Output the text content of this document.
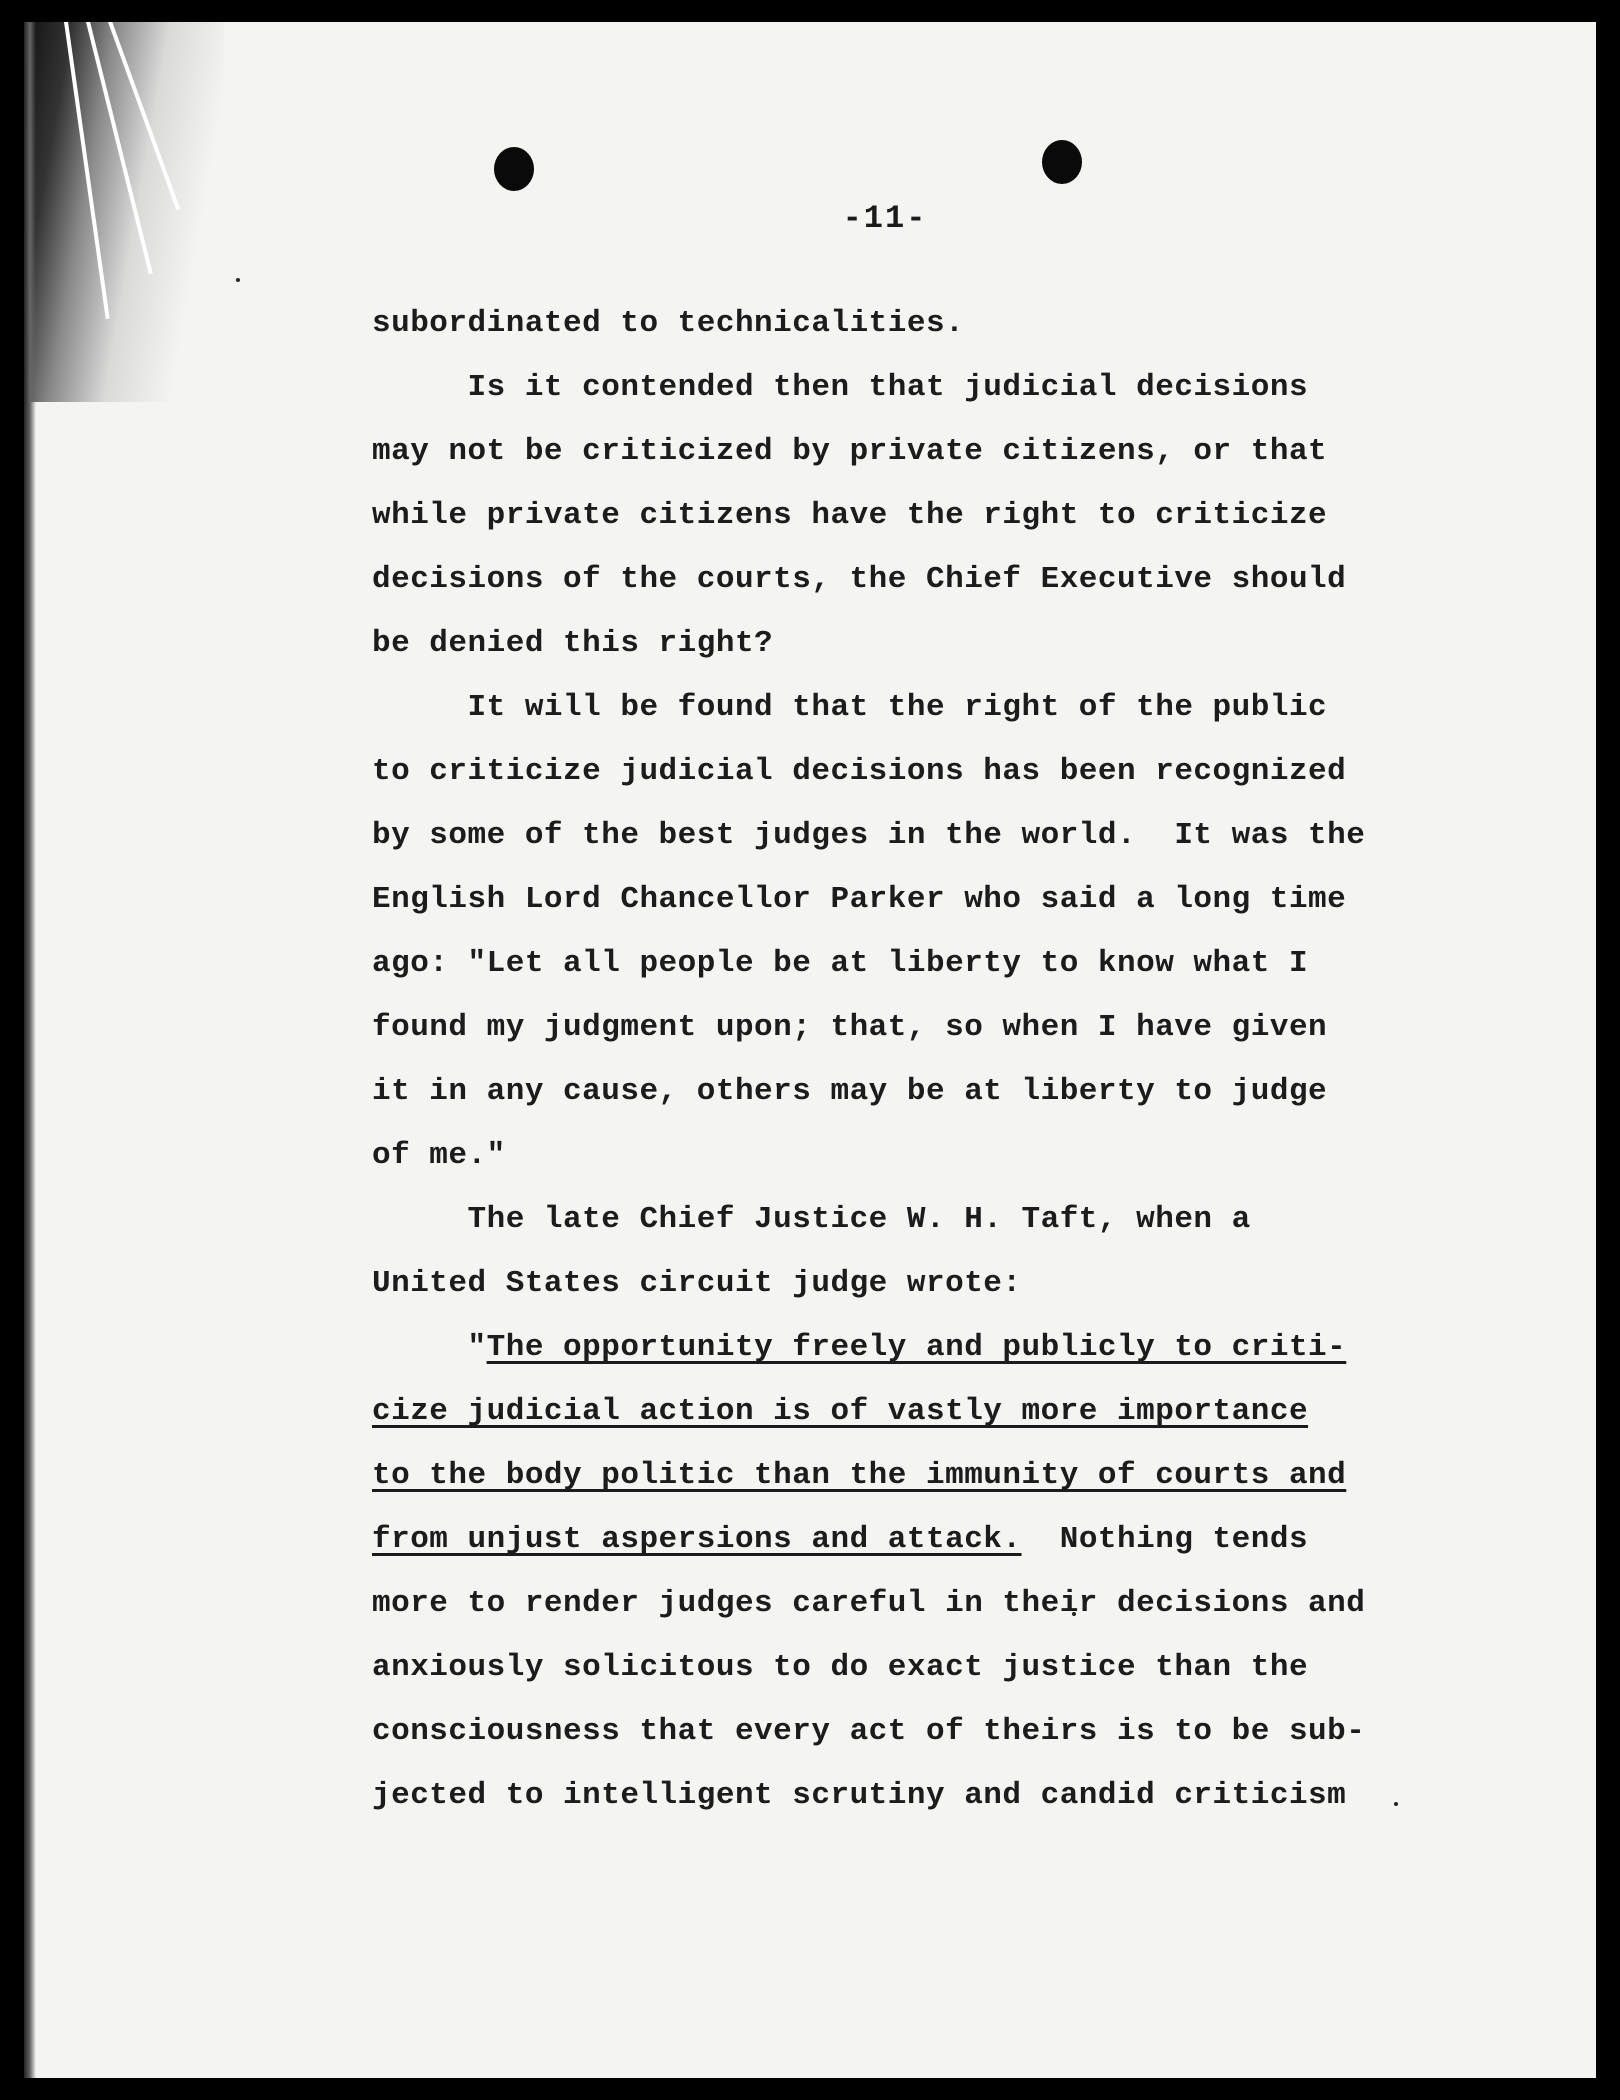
-11-
subordinated to technicalities.
Is it contended then that judicial decisions
may not be criticized by private citizens, or that
while private citizens have the right to criticize
decisions of the courts, the Chief Executive should
be denied this right?
It will be found that the right of the public
to criticize judicial decisions has been recognized
by some of the best judges in the world.  It was the
English Lord Chancellor Parker who said a long time
ago: "Let all people be at liberty to know what I
found my judgment upon; that, so when I have given
it in any cause, others may be at liberty to judge
of me."
The late Chief Justice W. H. Taft, when a
United States circuit judge wrote:
"The opportunity freely and publicly to criti-
cize judicial action is of vastly more importance
to the body politic than the immunity of courts and
from unjust aspersions and attack.  Nothing tends
more to render judges careful in their decisions and
anxiously solicitous to do exact justice than the
consciousness that every act of theirs is to be sub-
jected to intelligent scrutiny and candid criticism
